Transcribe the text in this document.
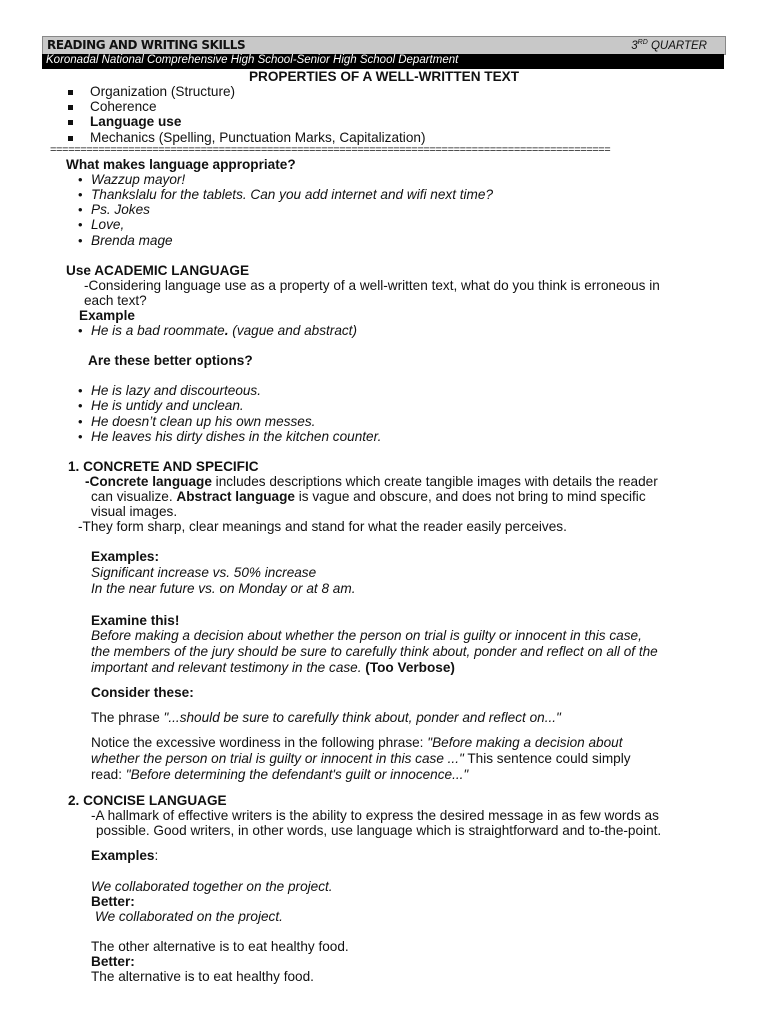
READING AND WRITING SKILLS	3RD QUARTER
Koronadal National Comprehensive High School-Senior High School Department
PROPERTIES OF A WELL-WRITTEN TEXT
Organization (Structure)
Coherence
Language use
Mechanics (Spelling, Punctuation Marks, Capitalization)
=============================================================================================
What makes language appropriate?
• Wazzup mayor!
• Thankslalu for the tablets. Can you add internet and wifi next time?
• Ps. Jokes
• Love,
• Brenda mage
Use ACADEMIC LANGUAGE
-Considering language use as a property of a well-written text, what do you think is erroneous in
each text?
Example
• He is a bad roommate. (vague and abstract)
Are these better options?
• He is lazy and discourteous.
• He is untidy and unclean.
• He doesn’t clean up his own messes.
• He leaves his dirty dishes in the kitchen counter.
1. CONCRETE AND SPECIFIC
-Concrete language includes descriptions which create tangible images with details the reader
can visualize. Abstract language is vague and obscure, and does not bring to mind specific
visual images.
-They form sharp, clear meanings and stand for what the reader easily perceives.
Examples:
Significant increase vs. 50% increase
In the near future vs. on Monday or at 8 am.
Examine this!
Before making a decision about whether the person on trial is guilty or innocent in this case,
the members of the jury should be sure to carefully think about, ponder and reflect on all of the
important and relevant testimony in the case. (Too Verbose)
Consider these:
The phrase "...should be sure to carefully think about, ponder and reflect on..."
Notice the excessive wordiness in the following phrase: "Before making a decision about
whether the person on trial is guilty or innocent in this case ..." This sentence could simply
read: "Before determining the defendant's guilt or innocence..."
2. CONCISE LANGUAGE
-A hallmark of effective writers is the ability to express the desired message in as few words as
possible. Good writers, in other words, use language which is straightforward and to-the-point.
Examples:
We collaborated together on the project.
Better:
We collaborated on the project.
The other alternative is to eat healthy food.
Better:
The alternative is to eat healthy food.
